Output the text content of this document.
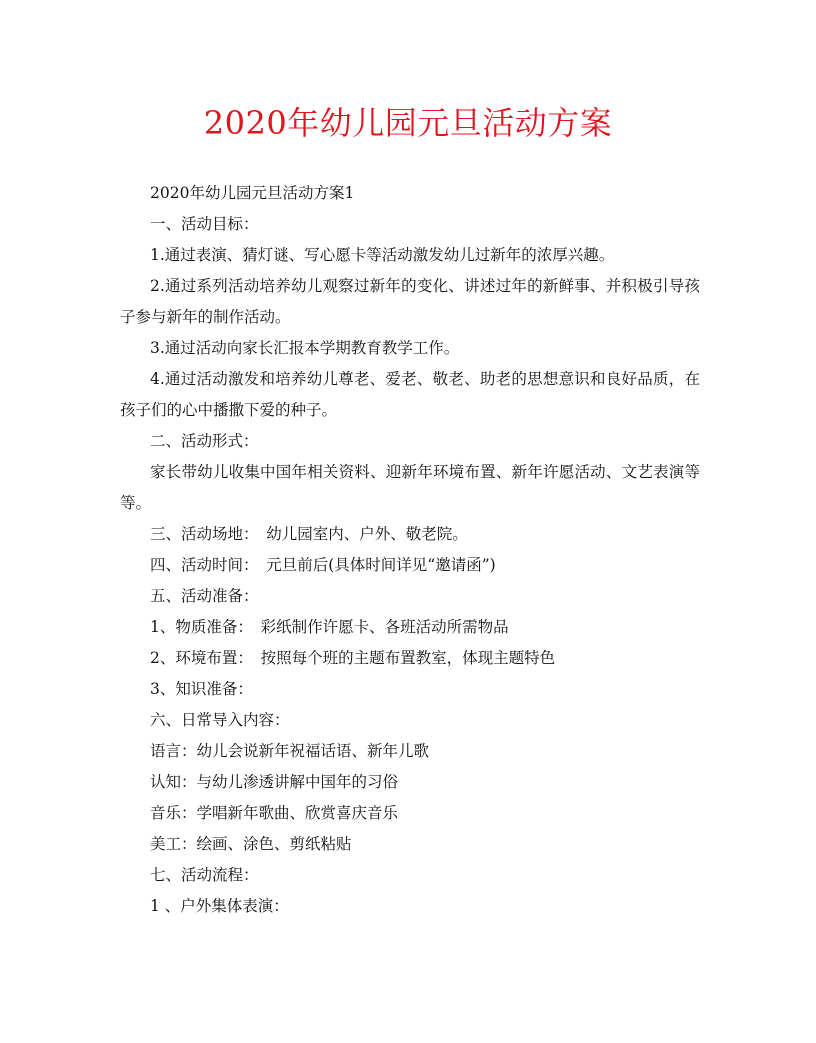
2020年幼儿园元旦活动方案

2020年幼儿园元旦活动方案1

一、活动目标：

1.通过表演、猜灯谜、写心愿卡等活动激发幼儿过新年的浓厚兴趣。

2.通过系列活动培养幼儿观察过新年的变化、讲述过年的新鲜事、并积极引导孩子参与新年的制作活动。

3.通过活动向家长汇报本学期教育教学工作。

4.通过活动激发和培养幼儿尊老、爱老、敬老、助老的思想意识和良好品质，在孩子们的心中播撒下爱的种子。

二、活动形式：

家长带幼儿收集中国年相关资料、迎新年环境布置、新年许愿活动、文艺表演等等。

三、活动场地：　幼儿园室内、户外、敬老院。

四、活动时间：　元旦前后(具体时间详见“邀请函”)

五、活动准备：

1、物质准备：　彩纸制作许愿卡、各班活动所需物品

2、环境布置：　按照每个班的主题布置教室，体现主题特色

3、知识准备：

六、日常导入内容：

语言：幼儿会说新年祝福话语、新年儿歌

认知：与幼儿渗透讲解中国年的习俗

音乐：学唱新年歌曲、欣赏喜庆音乐

美工：绘画、涂色、剪纸粘贴

七、活动流程：

1 、户外集体表演：
